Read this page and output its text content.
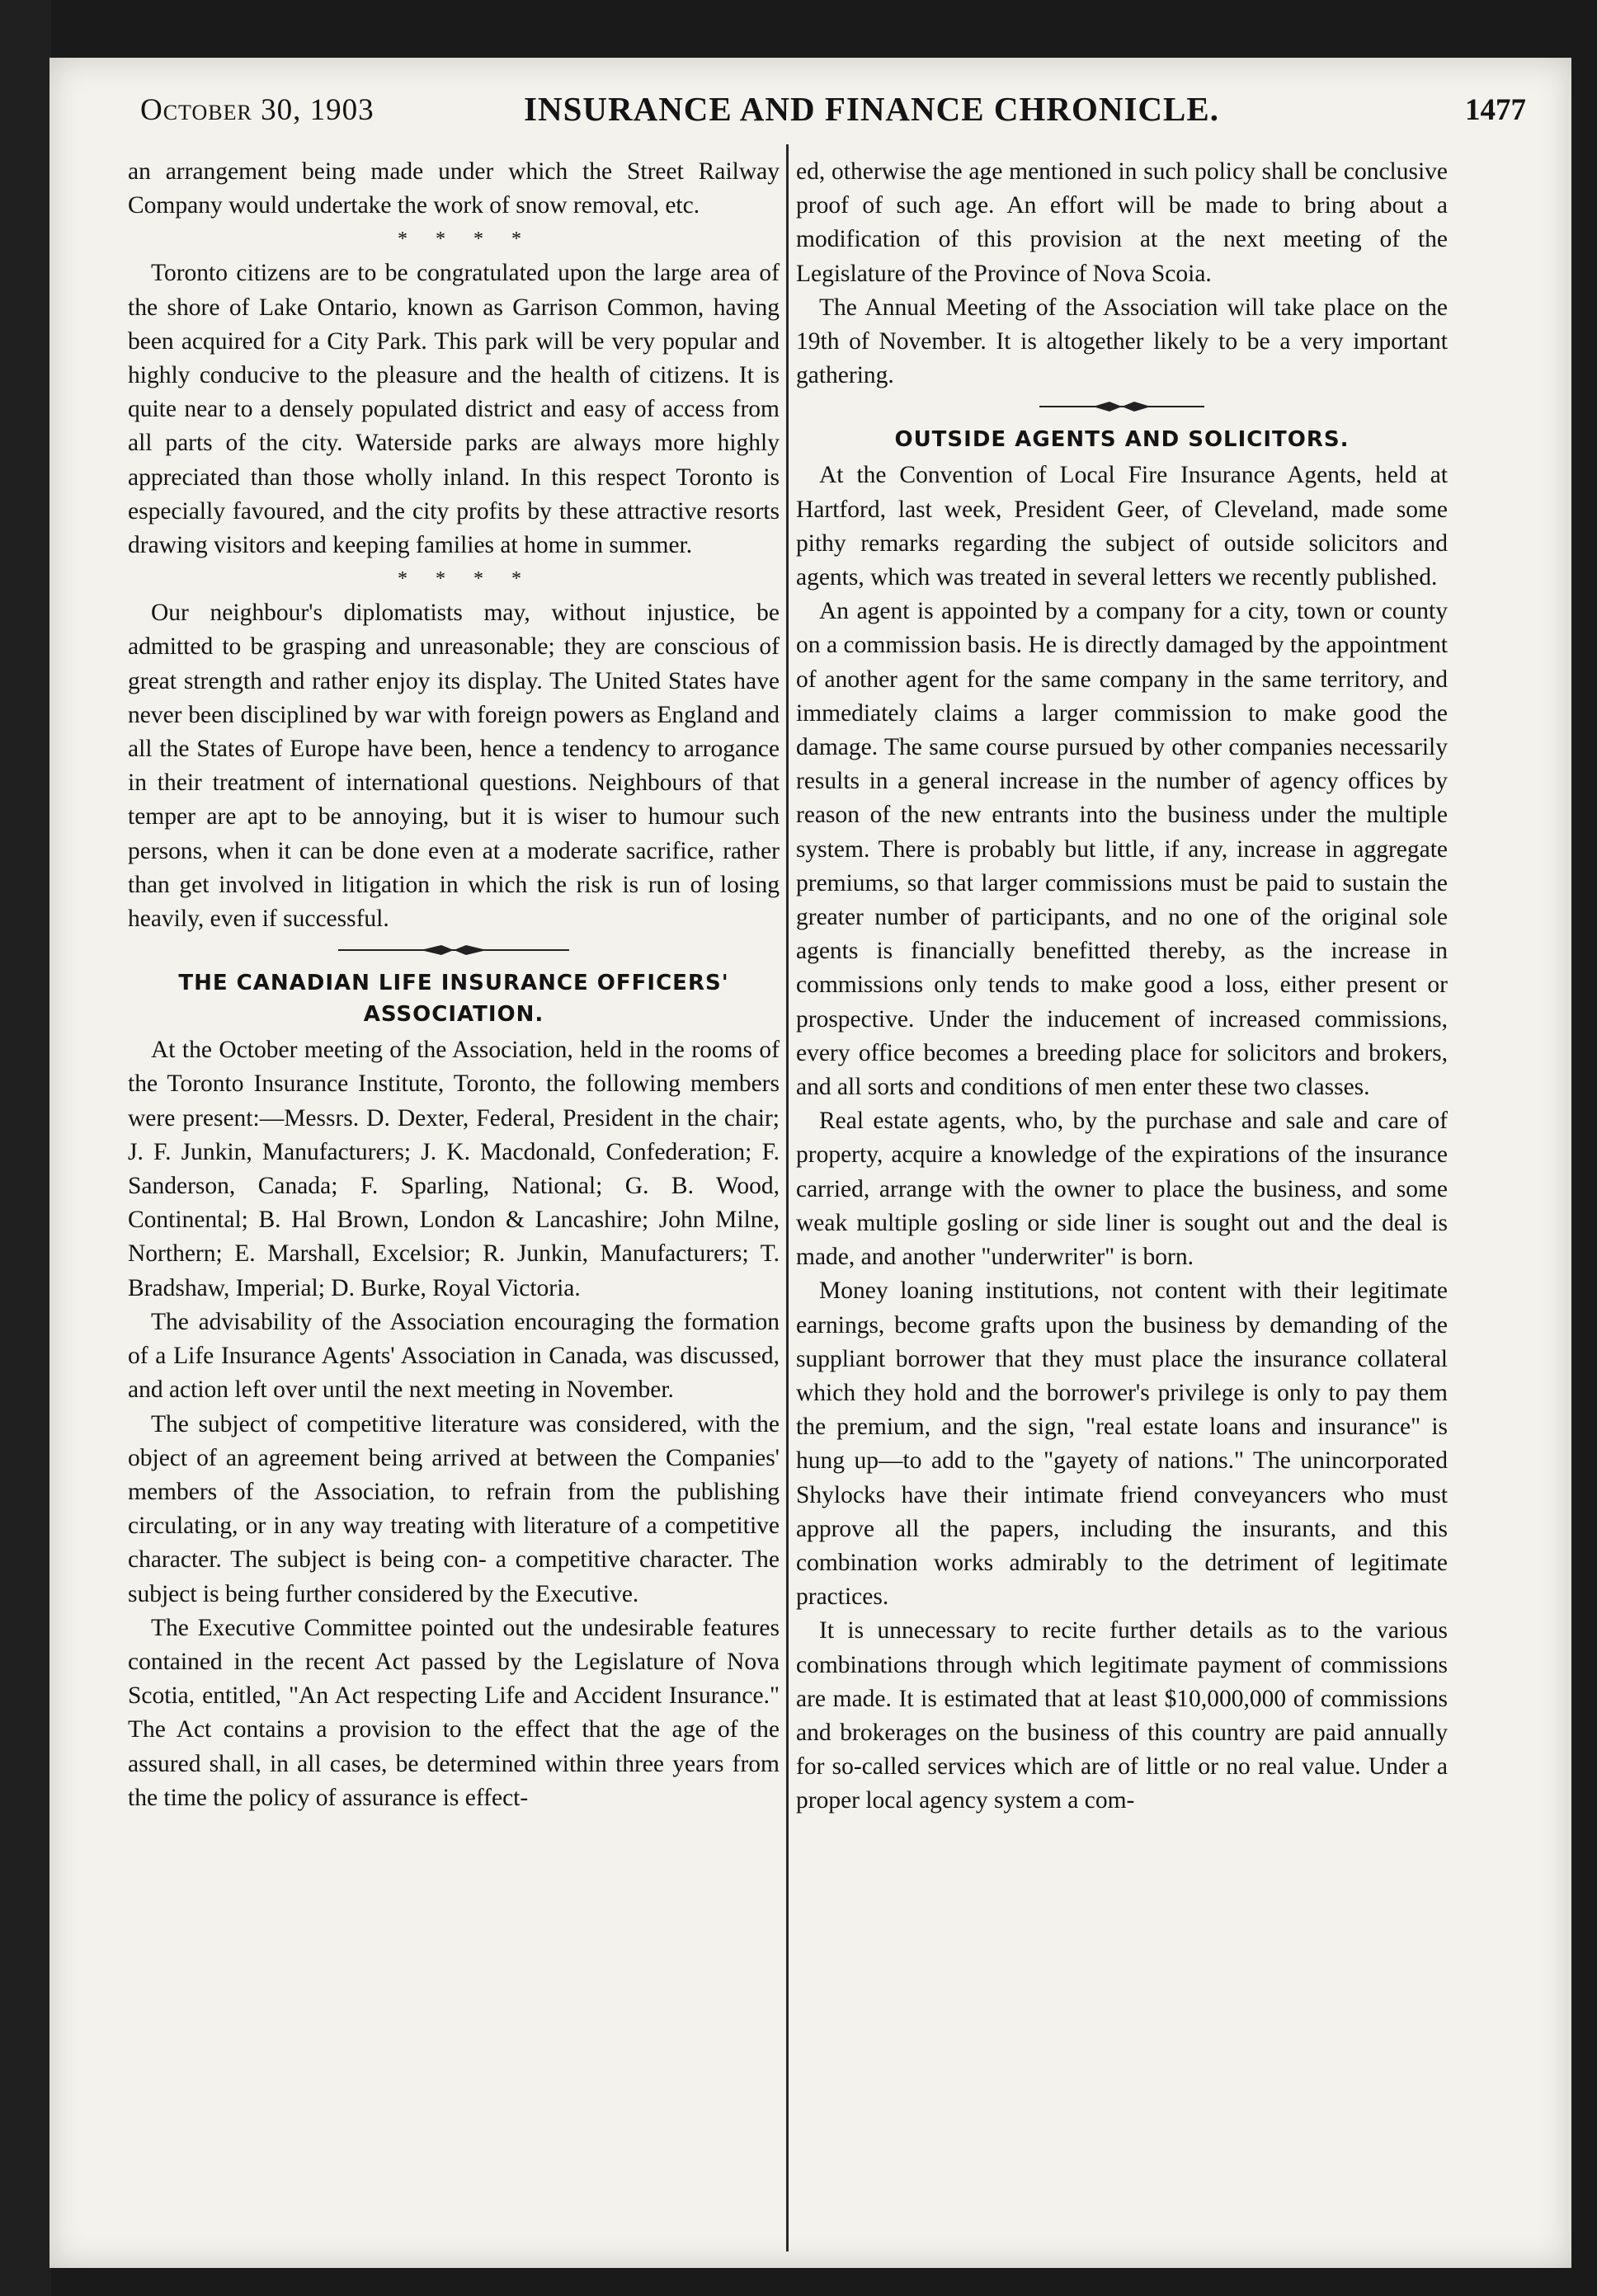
October 30, 1903	INSURANCE AND FINANCE CHRONICLE.	1477

an arrangement being made under which the Street Railway Company would undertake the work of snow removal, etc.

* * * *

Toronto citizens are to be congratulated upon the large area of the shore of Lake Ontario, known as Garrison Common, having been acquired for a City Park. This park will be very popular and highly conducive to the pleasure and the health of citizens. It is quite near to a densely populated district and easy of access from all parts of the city. Waterside parks are always more highly appreciated than those wholly inland. In this respect Toronto is especially favoured, and the city profits by these attractive resorts drawing visitors and keeping families at home in summer.

* * * *

Our neighbour's diplomatists may, without injustice, be admitted to be grasping and unreasonable; they are conscious of great strength and rather enjoy its display. The United States have never been disciplined by war with foreign powers as England and all the States of Europe have been, hence a tendency to arrogance in their treatment of international questions. Neighbours of that temper are apt to be annoying, but it is wiser to humour such persons, when it can be done even at a moderate sacrifice, rather than get involved in litigation in which the risk is run of losing heavily, even if successful.

THE CANADIAN LIFE INSURANCE OFFICERS' ASSOCIATION.

At the October meeting of the Association, held in the rooms of the Toronto Insurance Institute, Toronto, the following members were present:—Messrs. D. Dexter, Federal, President in the chair; J. F. Junkin, Manufacturers; J. K. Macdonald, Confederation; F. Sanderson, Canada; F. Sparling, National; G. B. Wood, Continental; B. Hal Brown, London & Lancashire; John Milne, Northern; E. Marshall, Excelsior; R. Junkin, Manufacturers; T. Bradshaw, Imperial; D. Burke, Royal Victoria.

The advisability of the Association encouraging the formation of a Life Insurance Agents' Association in Canada, was discussed, and action left over until the next meeting in November.

The subject of competitive literature was considered, with the object of an agreement being arrived at between the Companies' members of the Association, to refrain from the publishing circulating, or in any way treating with literature of a competitive character. The subject is being con- a competitive character. The subject is being further considered by the Executive.

The Executive Committee pointed out the undesirable features contained in the recent Act passed by the Legislature of Nova Scotia, entitled, "An Act respecting Life and Accident Insurance." The Act contains a provision to the effect that the age of the assured shall, in all cases, be determined within three years from the time the policy of assurance is effect-

ed, otherwise the age mentioned in such policy shall be conclusive proof of such age. An effort will be made to bring about a modification of this provision at the next meeting of the Legislature of the Province of Nova Scoia.

The Annual Meeting of the Association will take place on the 19th of November. It is altogether likely to be a very important gathering.

OUTSIDE AGENTS AND SOLICITORS.

At the Convention of Local Fire Insurance Agents, held at Hartford, last week, President Geer, of Cleveland, made some pithy remarks regarding the subject of outside solicitors and agents, which was treated in several letters we recently published.

An agent is appointed by a company for a city, town or county on a commission basis. He is directly damaged by the appointment of another agent for the same company in the same territory, and immediately claims a larger commission to make good the damage. The same course pursued by other companies necessarily results in a general increase in the number of agency offices by reason of the new entrants into the business under the multiple system. There is probably but little, if any, increase in aggregate premiums, so that larger commissions must be paid to sustain the greater number of participants, and no one of the original sole agents is financially benefitted thereby, as the increase in commissions only tends to make good a loss, either present or prospective. Under the inducement of increased commissions, every office becomes a breeding place for solicitors and brokers, and all sorts and conditions of men enter these two classes.

Real estate agents, who, by the purchase and sale and care of property, acquire a knowledge of the expirations of the insurance carried, arrange with the owner to place the business, and some weak multiple gosling or side liner is sought out and the deal is made, and another "underwriter" is born.

Money loaning institutions, not content with their legitimate earnings, become grafts upon the business by demanding of the suppliant borrower that they must place the insurance collateral which they hold and the borrower's privilege is only to pay them the premium, and the sign, "real estate loans and insurance" is hung up—to add to the "gayety of nations." The unincorporated Shylocks have their intimate friend conveyancers who must approve all the papers, including the insurants, and this combination works admirably to the detriment of legitimate practices.

It is unnecessary to recite further details as to the various combinations through which legitimate payment of commissions are made. It is estimated that at least $10,000,000 of commissions and brokerages on the business of this country are paid annually for so-called services which are of little or no real value. Under a proper local agency system a com-
